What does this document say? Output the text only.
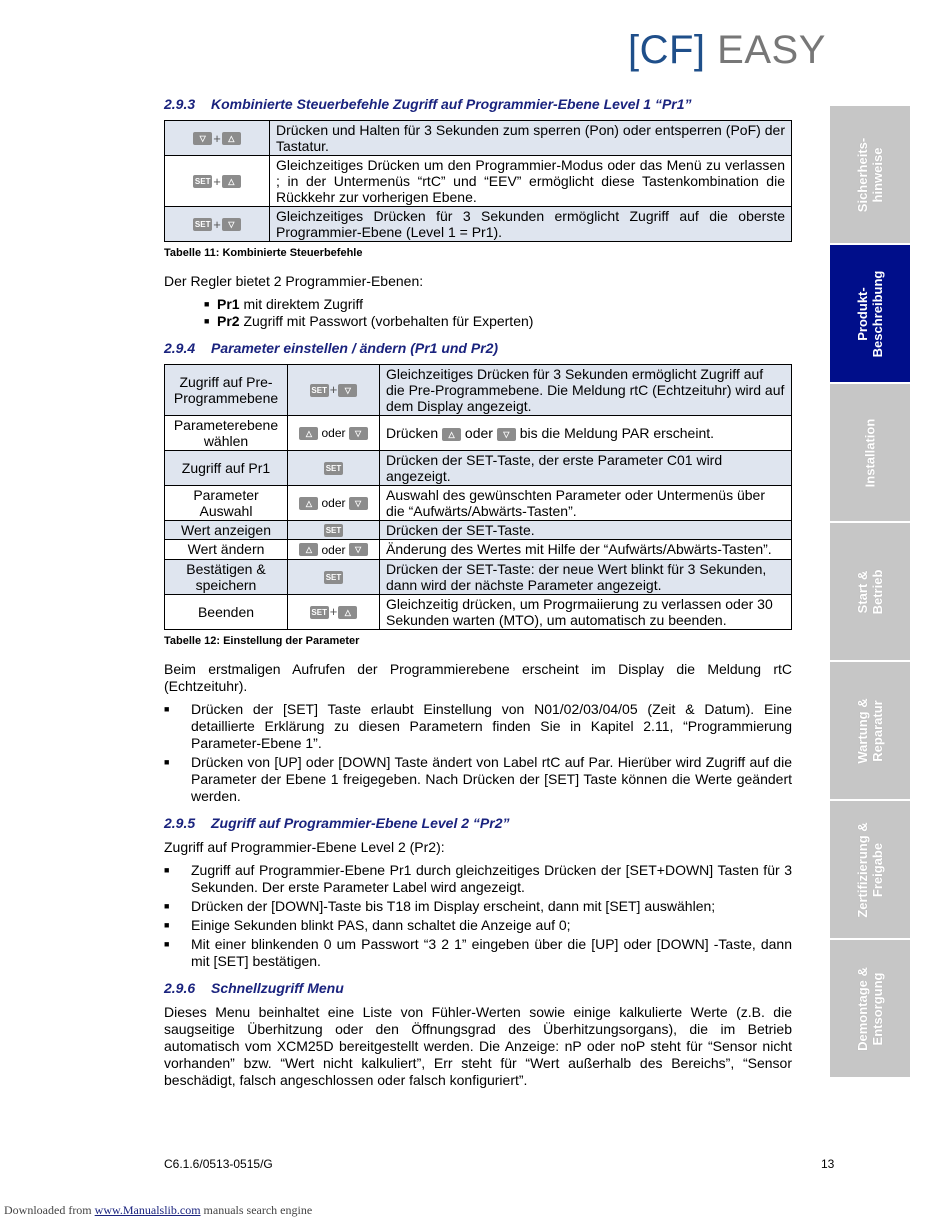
[CF] EASY
2.9.3 Kombinierte Steuerbefehle Zugriff auf Programmier-Ebene Level 1 “Pr1”
▽ + △	Drücken und Halten für 3 Sekunden zum sperren (Pon) oder entsperren (PoF) der Tastatur.
SET + △	Gleichzeitiges Drücken um den Programmier-Modus oder das Menü zu verlassen ; in der Untermenüs “rtC” und “EEV” ermöglicht diese Tastenkombination die Rückkehr zur vorherigen Ebene.
SET + ▽	Gleichzeitiges Drücken für 3 Sekunden ermöglicht Zugriff auf die oberste Programmier-Ebene (Level 1 = Pr1).
Tabelle 11: Kombinierte Steuerbefehle

Der Regler bietet 2 Programmier-Ebenen:

■ Pr1 mit direktem Zugriff
■ Pr2 Zugriff mit Passwort (vorbehalten für Experten)
2.9.4 Parameter einstellen / ändern (Pr1 und Pr2)
Zugriff auf Pre-Programmebene	SET + ▽	Gleichzeitiges Drücken für 3 Sekunden ermöglicht Zugriff auf die Pre-Programmebene. Die Meldung rtC (Echtzeituhr) wird auf dem Display angezeigt.
Parameterebene wählen	△ oder ▽	Drücken △ oder ▽ bis die Meldung PAR erscheint.
Zugriff auf Pr1	SET	Drücken der SET-Taste, der erste Parameter C01 wird angezeigt.
Parameter Auswahl	△ oder ▽	Auswahl des gewünschten Parameter oder Untermenüs über die “Aufwärts/Abwärts-Tasten”.
Wert anzeigen	SET	Drücken der SET-Taste.
Wert ändern	△ oder ▽	Änderung des Wertes mit Hilfe der “Aufwärts/Abwärts-Tasten”.
Bestätigen & speichern	SET	Drücken der SET-Taste: der neue Wert blinkt für 3 Sekunden, dann wird der nächste Parameter angezeigt.
Beenden	SET + △	Gleichzeitig drücken, um Progrmaiierung zu verlassen oder 30 Sekunden warten (MTO), um automatisch zu beenden.
Tabelle 12: Einstellung der Parameter

Beim erstmaligen Aufrufen der Programmierebene erscheint im Display die Meldung rtC (Echtzeituhr).

■ Drücken der [SET] Taste erlaubt Einstellung von N01/02/03/04/05 (Zeit & Datum). Eine detaillierte Erklärung zu diesen Parametern finden Sie in Kapitel 2.11, “Programmierung Parameter-Ebene 1”.
■ Drücken von [UP] oder [DOWN] Taste ändert von Label rtC auf Par. Hierüber wird Zugriff auf die Parameter der Ebene 1 freigegeben. Nach Drücken der [SET] Taste können die Werte geändert werden.
2.9.5 Zugriff auf Programmier-Ebene Level 2 “Pr2”

Zugriff auf Programmier-Ebene Level 2 (Pr2):

■ Zugriff auf Programmier-Ebene Pr1 durch gleichzeitiges Drücken der [SET+DOWN] Tasten für 3 Sekunden. Der erste Parameter Label wird angezeigt.
■ Drücken der [DOWN]-Taste bis T18 im Display erscheint, dann mit [SET] auswählen;
■ Einige Sekunden blinkt PAS, dann schaltet die Anzeige auf 0;
■ Mit einer blinkenden 0 um Passwort “3 2 1” eingeben über die [UP] oder [DOWN] -Taste, dann mit [SET] bestätigen.
2.9.6 Schnellzugriff Menu

Dieses Menu beinhaltet eine Liste von Fühler-Werten sowie einige kalkulierte Werte (z.B. die saugseitige Überhitzung oder den Öffnungsgrad des Überhitzungsorgans), die im Betrieb automatisch vom XCM25D bereitgestellt werden. Die Anzeige: nP oder noP steht für “Sensor nicht vorhanden” bzw. “Wert nicht kalkuliert”, Err steht für “Wert außerhalb des Bereichs”, “Sensor beschädigt, falsch angeschlossen oder falsch konfiguriert”.

C6.1.6/0513-0515/G	13
Downloaded from www.Manualslib.com manuals search engine
Sicherheits-
hinweise
Produkt-
Beschreibung
Installation
Start &
Betrieb
Wartung &
Reparatur
Zertifizierung &
Freigabe
Demontage &
Entsorgung
